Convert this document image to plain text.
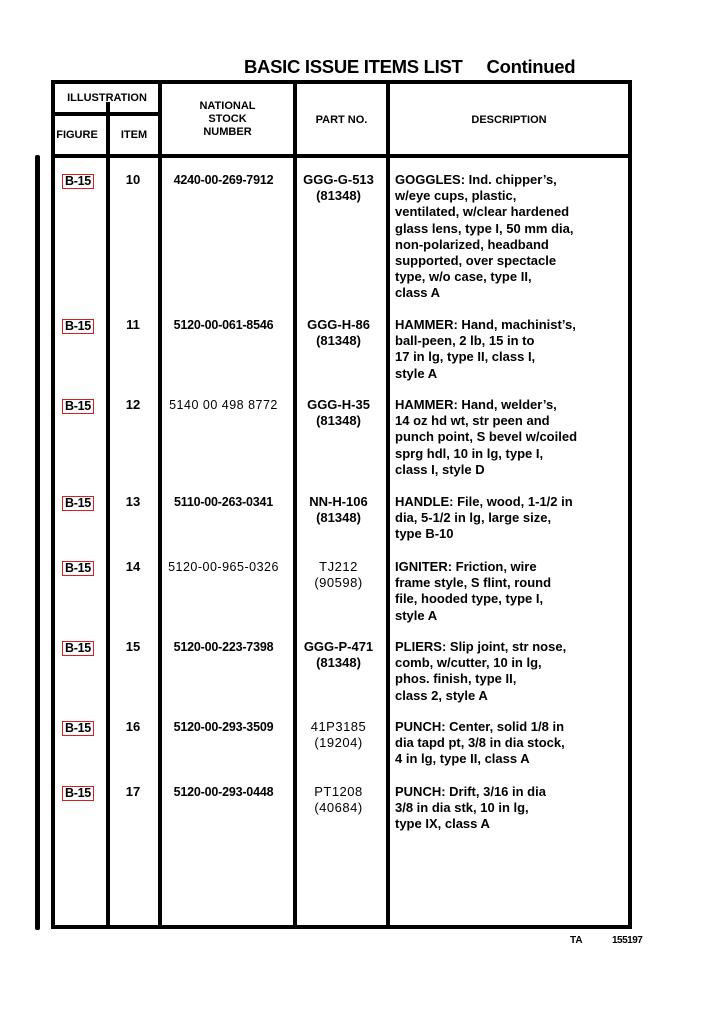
BASIC ISSUE ITEMS LIST Continued
ILLUSTRATION
FIGURE	ITEM
NATIONAL
STOCK
NUMBER
PART NO.	DESCRIPTION
B-15	10	4240-00-269-7912	GGG-G-513
(81348)
GOGGLES: Ind. chipper’s,
w/eye cups, plastic,
ventilated, w/clear hardened
glass lens, type I, 50 mm dia,
non-polarized, headband
supported, over spectacle
type, w/o case, type II,
class A
B-15	11	5120-00-061-8546	GGG-H-86
(81348)
HAMMER: Hand, machinist’s,
ball-peen, 2 lb, 15 in to
17 in lg, type II, class I,
style A
B-15	12	5140 00 498 8772	GGG-H-35
(81348)
HAMMER: Hand, welder’s,
14 oz hd wt, str peen and
punch point, S bevel w/coiled
sprg hdl, 10 in lg, type I,
class I, style D
B-15	13	5110-00-263-0341	NN-H-106
(81348)
HANDLE: File, wood, 1-1/2 in
dia, 5-1/2 in lg, large size,
type B-10
B-15	14	5120-00-965-0326	TJ212
(90598)
IGNITER: Friction, wire
frame style, S flint, round
file, hooded type, type I,
style A
B-15	15	5120-00-223-7398	GGG-P-471
(81348)
PLIERS: Slip joint, str nose,
comb, w/cutter, 10 in lg,
phos. finish, type II,
class 2, style A
B-15	16	5120-00-293-3509	41P3185
(19204)
PUNCH: Center, solid 1/8 in
dia tapd pt, 3/8 in dia stock,
4 in lg, type II, class A
B-15	17	5120-00-293-0448	PT1208
(40684)
PUNCH: Drift, 3/16 in dia
3/8 in dia stk, 10 in lg,
type IX, class A
TA	155197
